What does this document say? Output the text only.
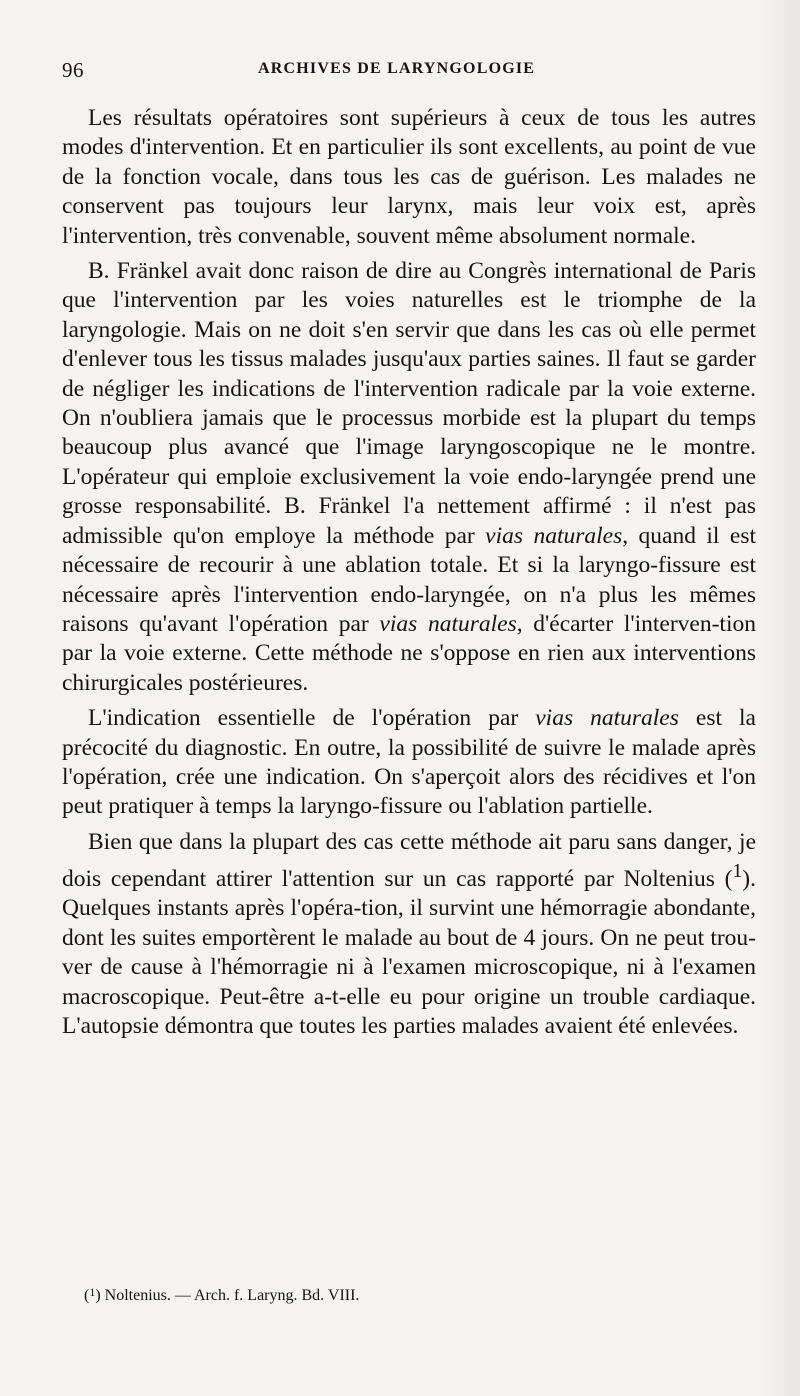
96	ARCHIVES DE LARYNGOLOGIE

Les résultats opératoires sont supérieurs à ceux de tous les autres modes d'intervention. Et en particulier ils sont excellents, au point de vue de la fonction vocale, dans tous les cas de guérison. Les malades ne conservent pas toujours leur larynx, mais leur voix est, après l'intervention, très convenable, souvent même absolument normale.

B. Fränkel avait donc raison de dire au Congrès international de Paris que l'intervention par les voies naturelles est le triomphe de la laryngologie. Mais on ne doit s'en servir que dans les cas où elle permet d'enlever tous les tissus malades jusqu'aux parties saines. Il faut se garder de négliger les indications de l'intervention radicale par la voie externe. On n'oubliera jamais que le processus morbide est la plupart du temps beaucoup plus avancé que l'image laryngoscopique ne le montre. L'opérateur qui emploie exclusivement la voie endo-laryngée prend une grosse responsabilité. B. Fränkel l'a nettement affirmé : il n'est pas admissible qu'on employe la méthode par vias naturales, quand il est nécessaire de recourir à une ablation totale. Et si la laryngo-fissure est nécessaire après l'intervention endo-laryngée, on n'a plus les mêmes raisons qu'avant l'opération par vias naturales, d'écarter l'interven-tion par la voie externe. Cette méthode ne s'oppose en rien aux interventions chirurgicales postérieures.

L'indication essentielle de l'opération par vias naturales est la précocité du diagnostic. En outre, la possibilité de suivre le malade après l'opération, crée une indication. On s'aperçoit alors des récidives et l'on peut pratiquer à temps la laryngo-fissure ou l'ablation partielle.

Bien que dans la plupart des cas cette méthode ait paru sans danger, je dois cependant attirer l'attention sur un cas rapporté par Noltenius ($^1$). Quelques instants après l'opéra-tion, il survint une hémorragie abondante, dont les suites emportèrent le malade au bout de 4 jours. On ne peut trou-ver de cause à l'hémorragie ni à l'examen microscopique, ni à l'examen macroscopique. Peut-être a-t-elle eu pour origine un trouble cardiaque. L'autopsie démontra que toutes les parties malades avaient été enlevées.

($^1$) Noltenius. — Arch. f. Laryng. Bd. VIII.
